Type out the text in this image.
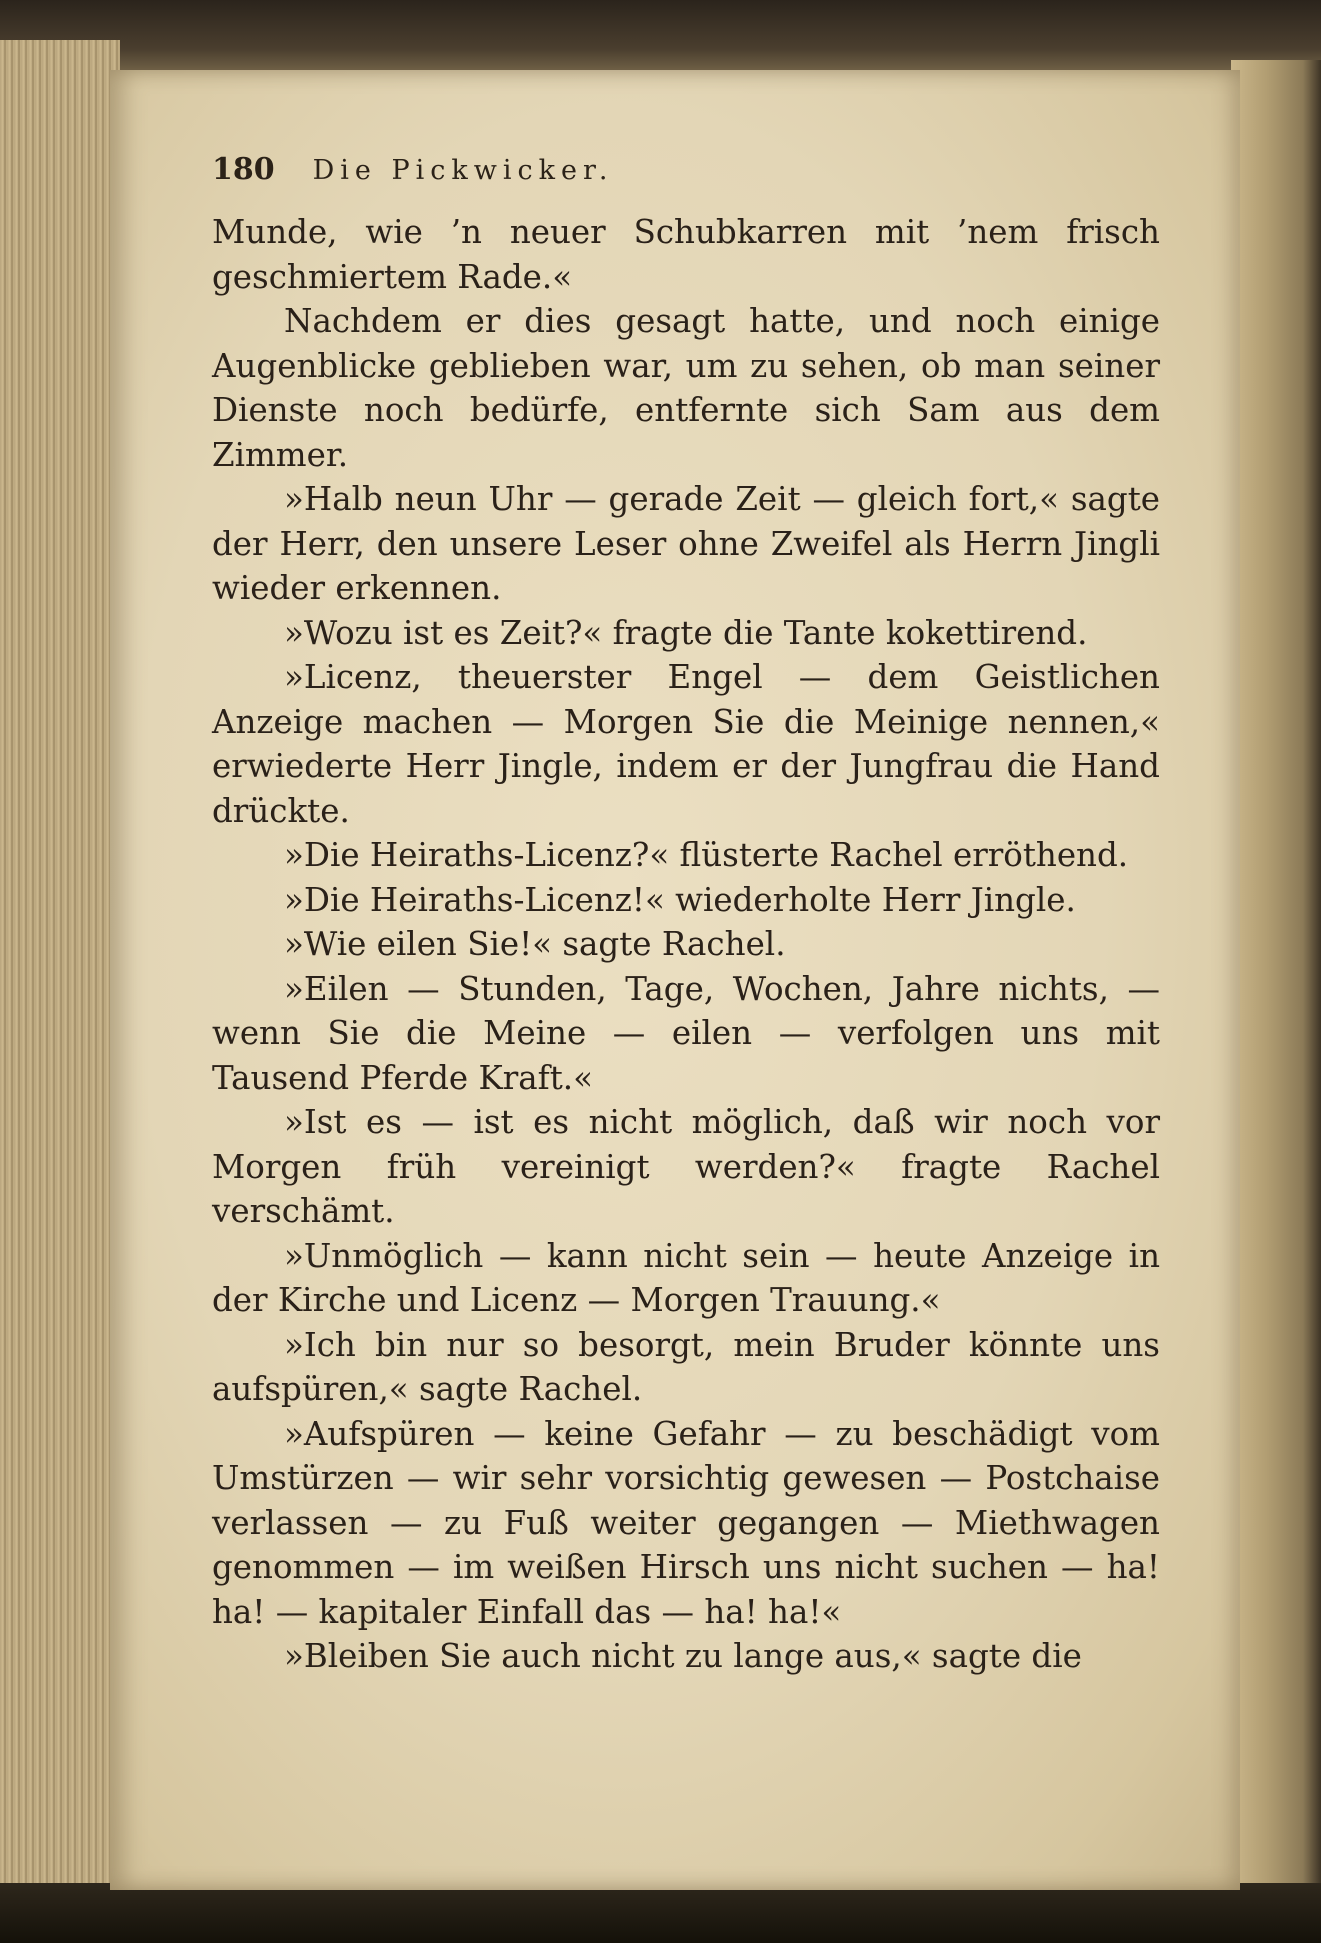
180 Die Pickwicker.

Munde, wie ’n neuer Schubkarren mit ’nem frisch geschmiertem Rade.«

Nachdem er dies gesagt hatte, und noch einige Augenblicke geblieben war, um zu sehen, ob man seiner Dienste noch bedürfe, entfernte sich Sam aus dem Zimmer.

»Halb neun Uhr — gerade Zeit — gleich fort,« sagte der Herr, den unsere Leser ohne Zweifel als Herrn Jingli wieder erkennen.

»Wozu ist es Zeit?« fragte die Tante kokettirend.

»Licenz, theuerster Engel — dem Geistlichen Anzeige machen — Morgen Sie die Meinige nennen,« erwiederte Herr Jingle, indem er der Jungfrau die Hand drückte.

»Die Heiraths-Licenz?« flüsterte Rachel erröthend.

»Die Heiraths-Licenz!« wiederholte Herr Jingle.

»Wie eilen Sie!« sagte Rachel.

»Eilen — Stunden, Tage, Wochen, Jahre nichts, — wenn Sie die Meine — eilen — verfolgen uns mit Tausend Pferde Kraft.«

»Ist es — ist es nicht möglich, daß wir noch vor Morgen früh vereinigt werden?« fragte Rachel verschämt.

»Unmöglich — kann nicht sein — heute Anzeige in der Kirche und Licenz — Morgen Trauung.«

»Ich bin nur so besorgt, mein Bruder könnte uns aufspüren,« sagte Rachel.

»Aufspüren — keine Gefahr — zu beschädigt vom Umstürzen — wir sehr vorsichtig gewesen — Postchaise verlassen — zu Fuß weiter gegangen — Miethwagen genommen — im weißen Hirsch uns nicht suchen — ha! ha! — kapitaler Einfall das — ha! ha!«

»Bleiben Sie auch nicht zu lange aus,« sagte die
